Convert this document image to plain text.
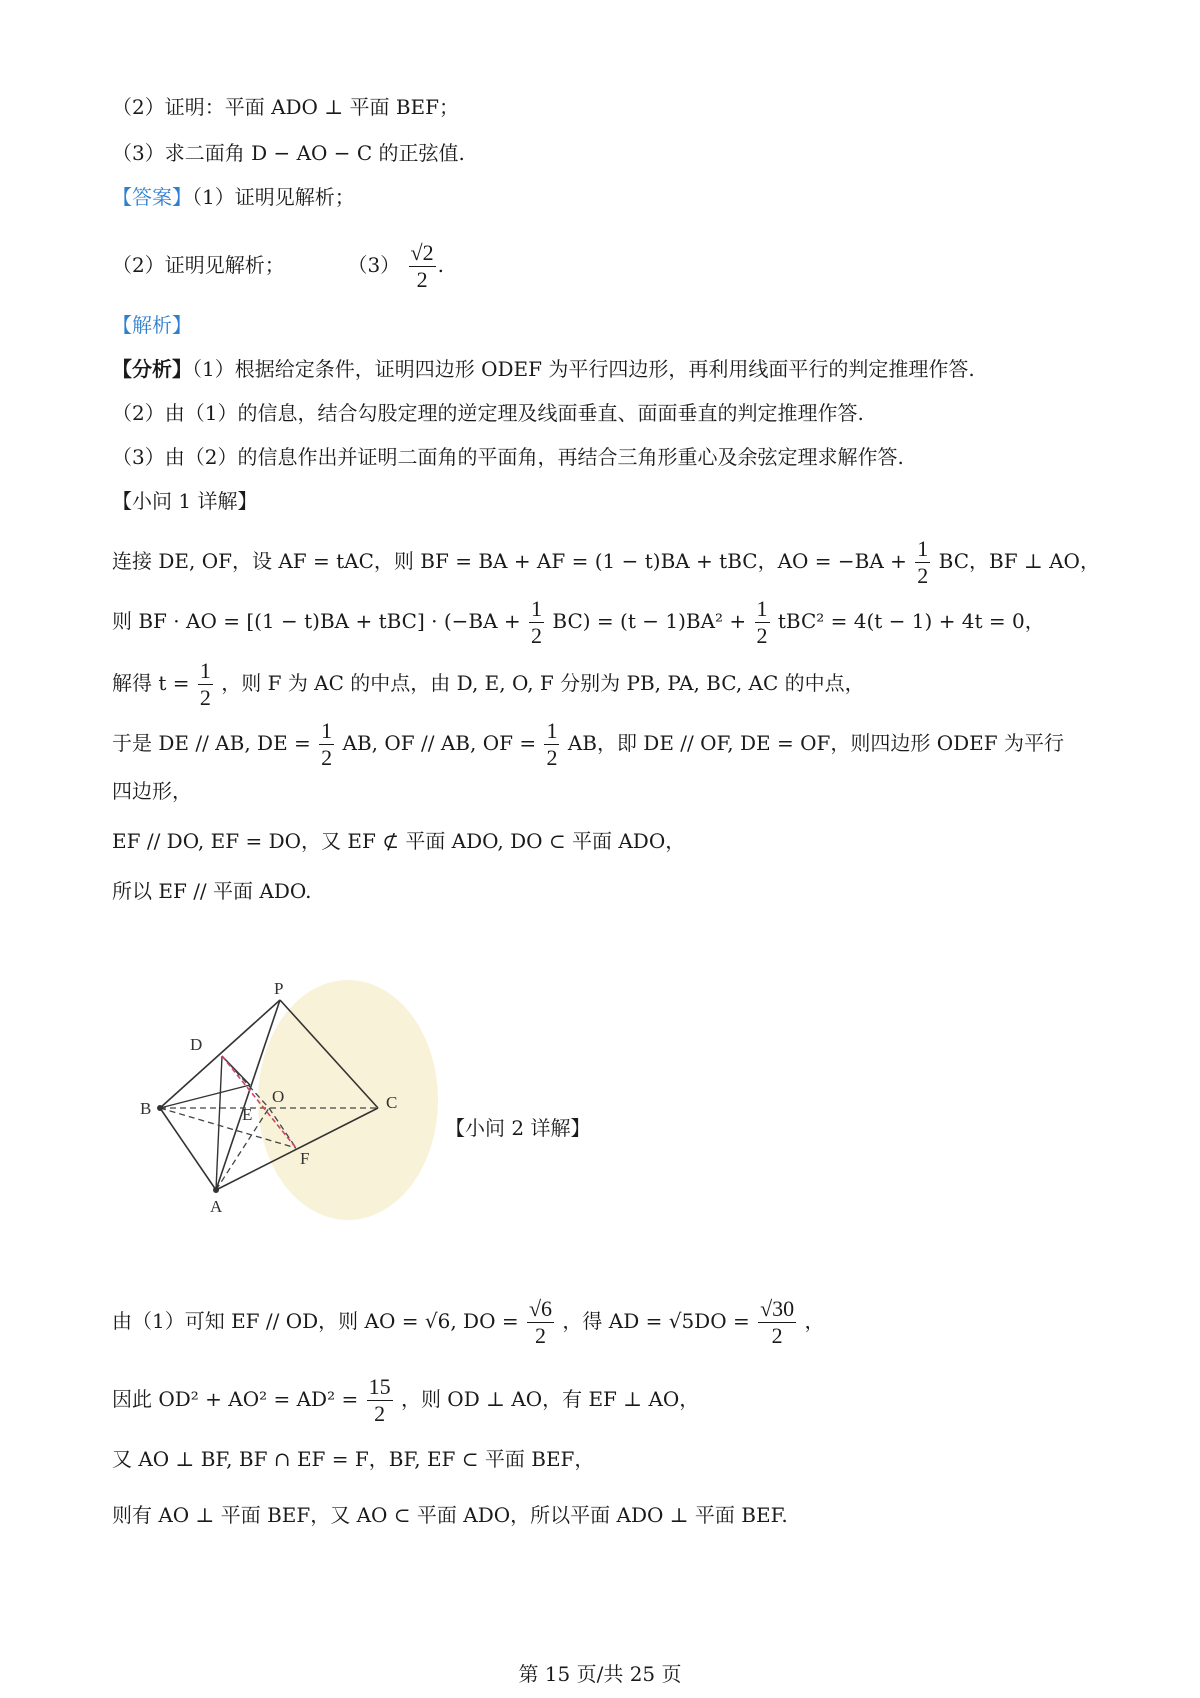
（2）证明：平面 ADO ⊥ 平面 BEF；
（3）求二面角 D − AO − C 的正弦值.
【答案】（1）证明见解析；
（2）证明见解析；	$(3) \frac{√2}{2}$ .
【解析】
【分析】（1）根据给定条件，证明四边形 ODEF 为平行四边形，再利用线面平行的判定推理作答.
（2）由（1）的信息，结合勾股定理的逆定理及线面垂直、面面垂直的判定推理作答.
（3）由（2）的信息作出并证明二面角的平面角，再结合三角形重心及余弦定理求解作答.
【小问 1 详解】
连接 DE, OF，设 AF = tAC，则 BF = BA + AF = (1 − t)BA + tBC，AO = $-BA + \frac{1}{2}$ BC，BF ⊥ AO，
则 BF · AO = $[(1 - t)BA + tBC] \cdot (-BA + \frac{1}{2} BC) = (t - 1)BA^2 + \frac{1}{2} tBC^2 = 4(t - 1) + 4t = 0$，
解得 $t = \frac{1}{2}$ ，则 F 为 AC 的中点，由 D, E, O, F 分别为 PB, PA, BC, AC 的中点，
于是 DE // AB, DE = $\frac{1}{2}$ AB, OF // AB, OF = $\frac{1}{2}$ AB，即 DE // OF, DE = OF，则四边形 ODEF 为平行
四边形，
EF // DO, EF = DO，又 EF ⊄ 平面 ADO, DO ⊂ 平面 ADO，
所以 EF // 平面 ADO.
P
D
B
O	C
E
F
A
【小问 2 详解】
由（1）可知 EF // OD，则 AO = √6, DO = $\frac{√6}{2}$ ，得 AD = $√5DO = \frac{√30}{2}$ ，
因此 $OD^2 + AO^2 = AD^2 = \frac{15}{2}$ ，则 OD ⊥ AO，有 EF ⊥ AO，
又 AO ⊥ BF, BF ∩ EF = F，BF, EF ⊂ 平面 BEF，
则有 AO ⊥ 平面 BEF，又 AO ⊂ 平面 ADO，所以平面 ADO ⊥ 平面 BEF.
第 15 页/共 25 页
